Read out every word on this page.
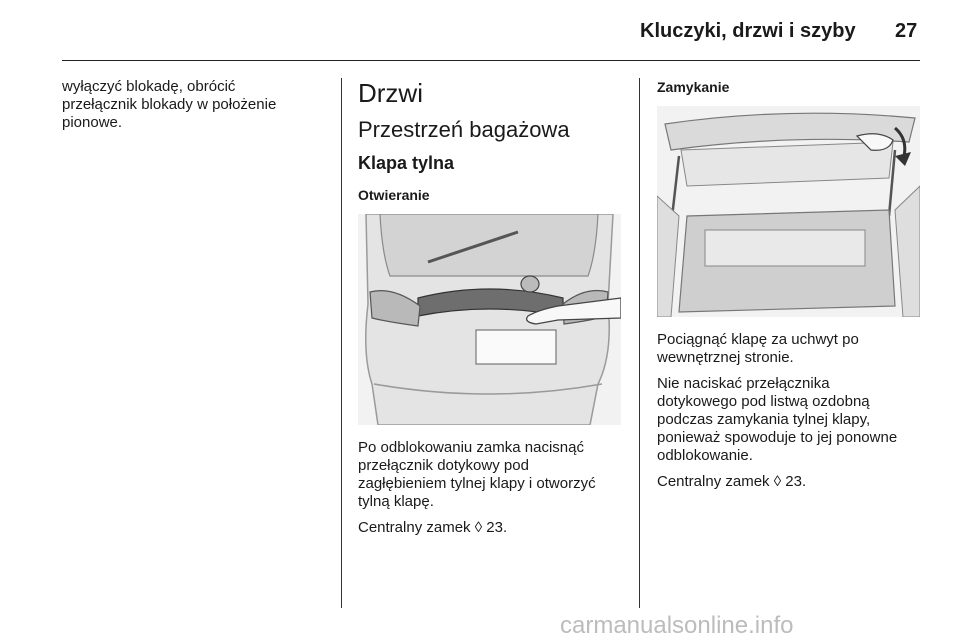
Kluczyki, drzwi i szyby 27

wyłączyć blokadę, obrócić
przełącznik blokady w położenie
pionowe.

Drzwi
Przestrzeń bagażowa
Klapa tylna
Otwieranie

Po odblokowaniu zamka nacisnąć
przełącznik dotykowy pod
zagłębieniem tylnej klapy i otworzyć
tylną klapę.

Centralny zamek ◊ 23.

Zamykanie

Pociągnąć klapę za uchwyt po
wewnętrznej stronie.

Nie naciskać przełącznika
dotykowego pod listwą ozdobną
podczas zamykania tylnej klapy,
ponieważ spowoduje to jej ponowne
odblokowanie.

Centralny zamek ◊ 23.

carmanualsonline.info
